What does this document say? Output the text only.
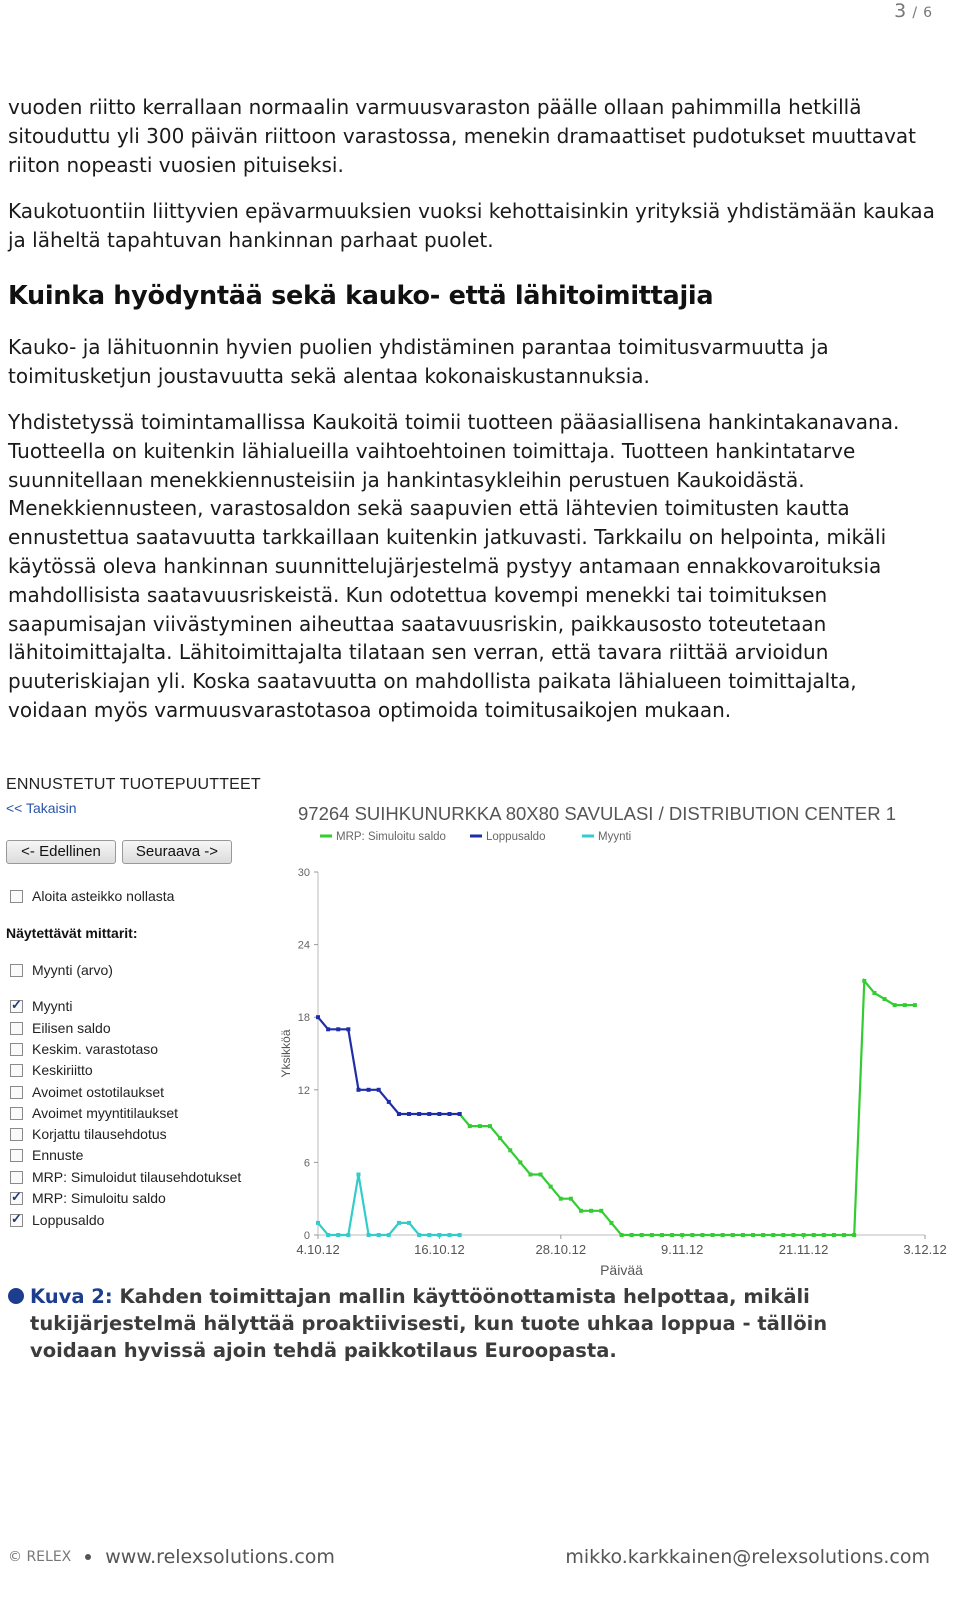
3 / 6

vuoden riitto kerrallaan normaalin varmuusvaraston päälle ollaan pahimmilla hetkillä sitouduttu yli 300 päivän riittoon varastossa, menekin dramaattiset pudotukset muuttavat riiton nopeasti vuosien pituiseksi.

Kaukotuontiin liittyvien epävarmuuksien vuoksi kehottaisinkin yrityksiä yhdistämään kaukaa ja läheltä tapahtuvan hankinnan parhaat puolet.

Kuinka hyödyntää sekä kauko- että lähitoimittajia

Kauko- ja lähituonnin hyvien puolien yhdistäminen parantaa toimitusvarmuutta ja toimitusketjun joustavuutta sekä alentaa kokonaiskustannuksia.

Yhdistetyssä toimintamallissa Kaukoitä toimii tuotteen pääasiallisena hankintakanavana. Tuotteella on kuitenkin lähialueilla vaihtoehtoinen toimittaja. Tuotteen hankintatarve suunnitellaan menekkiennusteisiin ja hankintasykleihin perustuen Kaukoidästä. Menekkiennusteen, varastosaldon sekä saapuvien että lähtevien toimitusten kautta ennustettua saatavuutta tarkkaillaan kuitenkin jatkuvasti. Tarkkailu on helpointa, mikäli käytössä oleva hankinnan suunnittelujärjestelmä pystyy antamaan ennakkovaroituksia mahdollisista saatavuusriskeistä. Kun odotettua kovempi menekki tai toimituksen saapumisajan viivästyminen aiheuttaa saatavuusriskin, paikkausosto toteutetaan lähitoimittajalta. Lähitoimittajalta tilataan sen verran, että tavara riittää arvioidun puuteriskiajan yli. Koska saatavuutta on mahdollista paikata lähialueen toimittajalta, voidaan myös varmuusvarastotasoa optimoida toimitusaikojen mukaan.

ENNUSTETUT TUOTEPUUTTEET
<< Takaisin
<- Edellinen	Seuraava ->
Aloita asteikko nollasta
Näytettävät mittarit:
Myynti (arvo)
✓
Myynti
Eilisen saldo
Keskim. varastotaso
Keskiriitto
Avoimet ostotilaukset
Avoimet myyntitilaukset
Korjattu tilausehdotus
Ennuste
MRP: Simuloidut tilausehdotukset
✓
MRP: Simuloitu saldo
✓
Loppusaldo
97264 SUIHKUNURKKA 80X80 SAVULASI / DISTRIBUTION CENTER 1
MRP: Simuloitu saldo	Loppusaldo	Myynti
0
6
12
18
24
30
4.10.12	16.10.12	28.10.12	9.11.12	21.11.12	3.12.12
Yksikköä
Päivää
Kuva 2: Kahden toimittajan mallin käyttöönottamista helpottaa, mikäli tukijärjestelmä hälyttää proaktiivisesti, kun tuote uhkaa loppua - tällöin voidaan hyvissä ajoin tehdä paikkotilaus Euroopasta.
© RELEX www.relexsolutions.com	mikko.karkkainen@relexsolutions.com
